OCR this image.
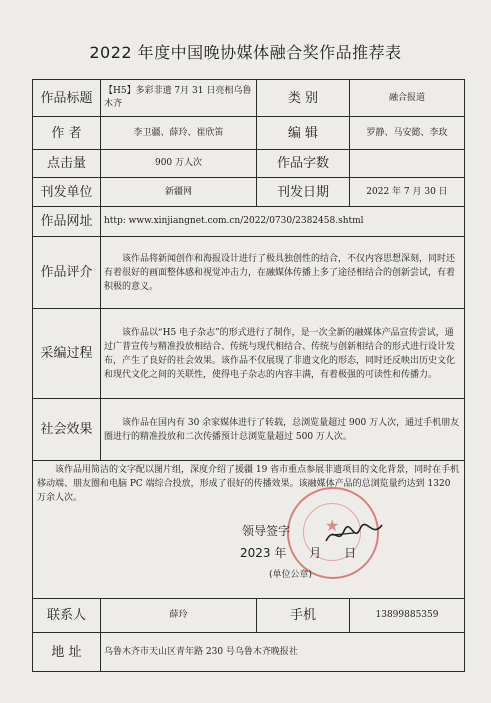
2022 年度中国晚协媒体融合奖作品推荐表
作品标题	【H5】多彩非遗 7月 31 日亮相乌鲁木齐	类 别	融合报道
作 者	李卫疆、薛玲、崔欣笛	编 辑	罗静、马安懿、李玫
点击量	900 万人次	作品字数	
刊发单位	新疆网	刊发日期	2022 年 7 月 30 日
作品网址	http: www.xinjiangnet.com.cn/2022/0730/2382458.shtml		
作品评介	该作品将新闻创作和海报设计进行了极具独创性的结合，不仅内容思想深刻，同时还有着很好的画面整体感和视觉冲击力，在融媒体传播上多了途径相结合的创新尝试，有着积极的意义。		
采编过程	该作品以“H5 电子杂志”的形式进行了制作，是一次全新的融媒体产品宣传尝试，通过广普宣传与精准投放相结合、传统与现代相结合、传统与创新相结合的形式进行设计发布，产生了良好的社会效果。该作品不仅展现了非遗文化的形态，同时还反映出历史文化和现代文化之间的关联性，使得电子杂志的内容丰满，有着极强的可读性和传播力。		
社会效果	该作品在国内有 30 余家媒体进行了转载，总浏览量超过 900 万人次，通过手机朋友圈进行的精准投放和二次传播预计总浏览量超过 500 万人次。		

该作品用简洁的文字配以图片组，深度介绍了援疆 19 省市重点参展非遗项目的文化背景，同时在手机移动端、朋友圈和电脑 PC 端综合投放，形成了很好的传播效果。该融媒体产品的总浏览量约达到 1320 万余人次。
★
领导签字
2023 年      月      日
(单位公章)			

联系人	薛玲	手机	13899885359
地 址	乌鲁木齐市天山区青年路 230 号乌鲁木齐晚报社		
